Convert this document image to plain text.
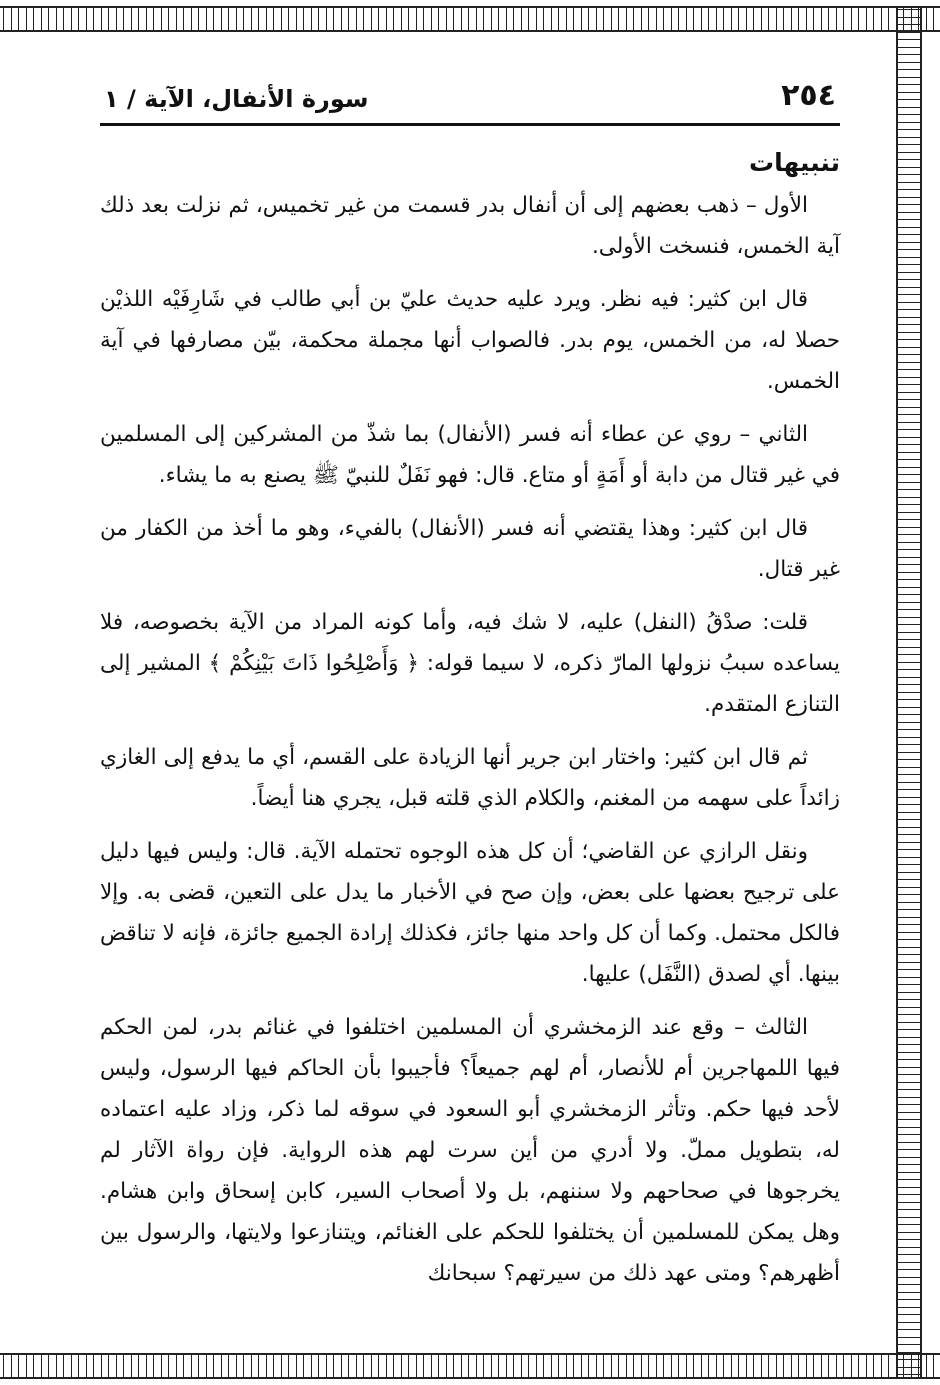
٢٥٤
سورة الأنفال، الآية / ١
تنبيهات

الأول – ذهب بعضهم إلى أن أنفال بدر قسمت من غير تخميس، ثم نزلت بعد ذلك آية الخمس، فنسخت الأولى.

قال ابن كثير: فيه نظر. ويرد عليه حديث عليّ بن أبي طالب في شَارِفَيْه اللذيْن حصلا له، من الخمس، يوم بدر. فالصواب أنها مجملة محكمة، بيّن مصارفها في آية الخمس.

الثاني – روي عن عطاء أنه فسر (الأنفال) بما شذّ من المشركين إلى المسلمين في غير قتال من دابة أو أَمَةٍ أو متاع. قال: فهو نَفَلٌ للنبيّ ﷺ يصنع به ما يشاء.

قال ابن كثير: وهذا يقتضي أنه فسر (الأنفال) بالفيء، وهو ما أخذ من الكفار من غير قتال.

قلت: صدْقُ (النفل) عليه، لا شك فيه، وأما كونه المراد من الآية بخصوصه، فلا يساعده سببُ نزولها المارّ ذكره، لا سيما قوله: ﴿ وَأَصْلِحُوا ذَاتَ بَيْنِكُمْ ﴾ المشير إلى التنازع المتقدم.

ثم قال ابن كثير: واختار ابن جرير أنها الزيادة على القسم، أي ما يدفع إلى الغازي زائداً على سهمه من المغنم، والكلام الذي قلته قبل، يجري هنا أيضاً.

ونقل الرازي عن القاضي؛ أن كل هذه الوجوه تحتمله الآية. قال: وليس فيها دليل على ترجيح بعضها على بعض، وإن صح في الأخبار ما يدل على التعين، قضى به. وإلا فالكل محتمل. وكما أن كل واحد منها جائز، فكذلك إرادة الجميع جائزة، فإنه لا تناقض بينها. أي لصدق (النَّفَل) عليها.

الثالث – وقع عند الزمخشري أن المسلمين اختلفوا في غنائم بدر، لمن الحكم فيها اللمهاجرين أم للأنصار، أم لهم جميعاً؟ فأجيبوا بأن الحاكم فيها الرسول، وليس لأحد فيها حكم. وتأثر الزمخشري أبو السعود في سوقه لما ذكر، وزاد عليه اعتماده له، بتطويل مملّ. ولا أدري من أين سرت لهم هذه الرواية. فإن رواة الآثار لم يخرجوها في صحاحهم ولا سننهم، بل ولا أصحاب السير، كابن إسحاق وابن هشام. وهل يمكن للمسلمين أن يختلفوا للحكم على الغنائم، ويتنازعوا ولايتها، والرسول بين أظهرهم؟ ومتى عهد ذلك من سيرتهم؟ سبحانك
